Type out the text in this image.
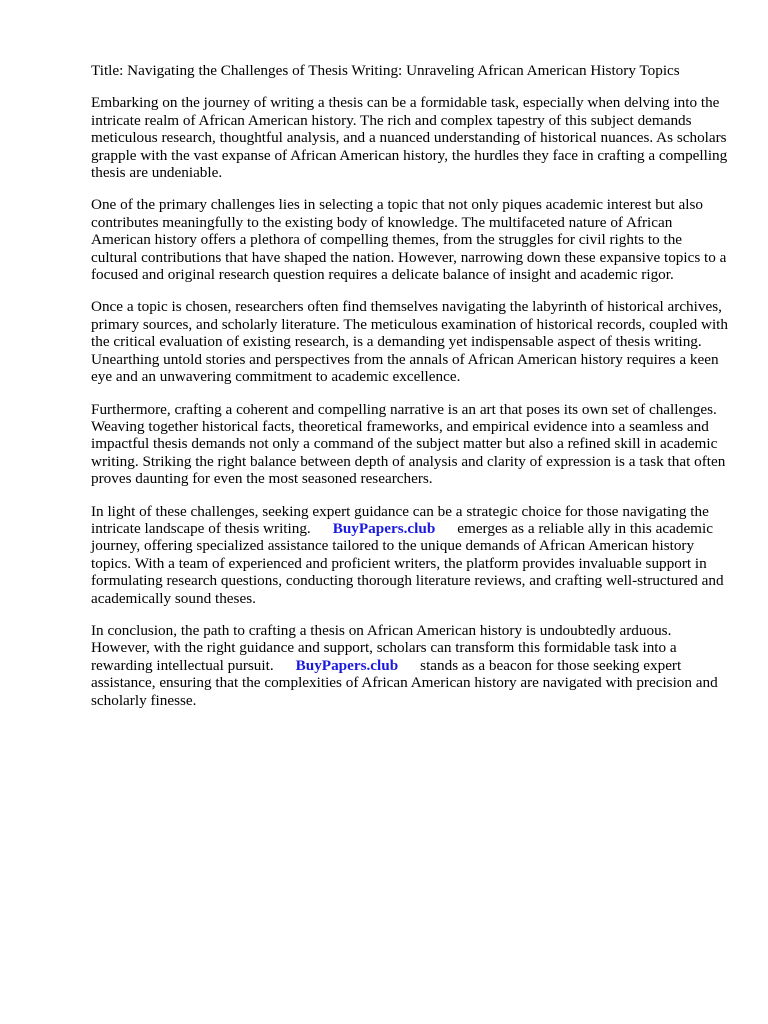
Title: Navigating the Challenges of Thesis Writing: Unraveling African American History Topics

Embarking on the journey of writing a thesis can be a formidable task, especially when delving into the intricate realm of African American history. The rich and complex tapestry of this subject demands meticulous research, thoughtful analysis, and a nuanced understanding of historical nuances. As scholars grapple with the vast expanse of African American history, the hurdles they face in crafting a compelling thesis are undeniable.

One of the primary challenges lies in selecting a topic that not only piques academic interest but also contributes meaningfully to the existing body of knowledge. The multifaceted nature of African American history offers a plethora of compelling themes, from the struggles for civil rights to the cultural contributions that have shaped the nation. However, narrowing down these expansive topics to a focused and original research question requires a delicate balance of insight and academic rigor.

Once a topic is chosen, researchers often find themselves navigating the labyrinth of historical archives, primary sources, and scholarly literature. The meticulous examination of historical records, coupled with the critical evaluation of existing research, is a demanding yet indispensable aspect of thesis writing. Unearthing untold stories and perspectives from the annals of African American history requires a keen eye and an unwavering commitment to academic excellence.

Furthermore, crafting a coherent and compelling narrative is an art that poses its own set of challenges. Weaving together historical facts, theoretical frameworks, and empirical evidence into a seamless and impactful thesis demands not only a command of the subject matter but also a refined skill in academic writing. Striking the right balance between depth of analysis and clarity of expression is a task that often proves daunting for even the most seasoned researchers.

In light of these challenges, seeking expert guidance can be a strategic choice for those navigating the intricate landscape of thesis writing. BuyPapers.club emerges as a reliable ally in this academic journey, offering specialized assistance tailored to the unique demands of African American history topics. With a team of experienced and proficient writers, the platform provides invaluable support in formulating research questions, conducting thorough literature reviews, and crafting well-structured and academically sound theses.

In conclusion, the path to crafting a thesis on African American history is undoubtedly arduous. However, with the right guidance and support, scholars can transform this formidable task into a rewarding intellectual pursuit. BuyPapers.club stands as a beacon for those seeking expert assistance, ensuring that the complexities of African American history are navigated with precision and scholarly finesse.
